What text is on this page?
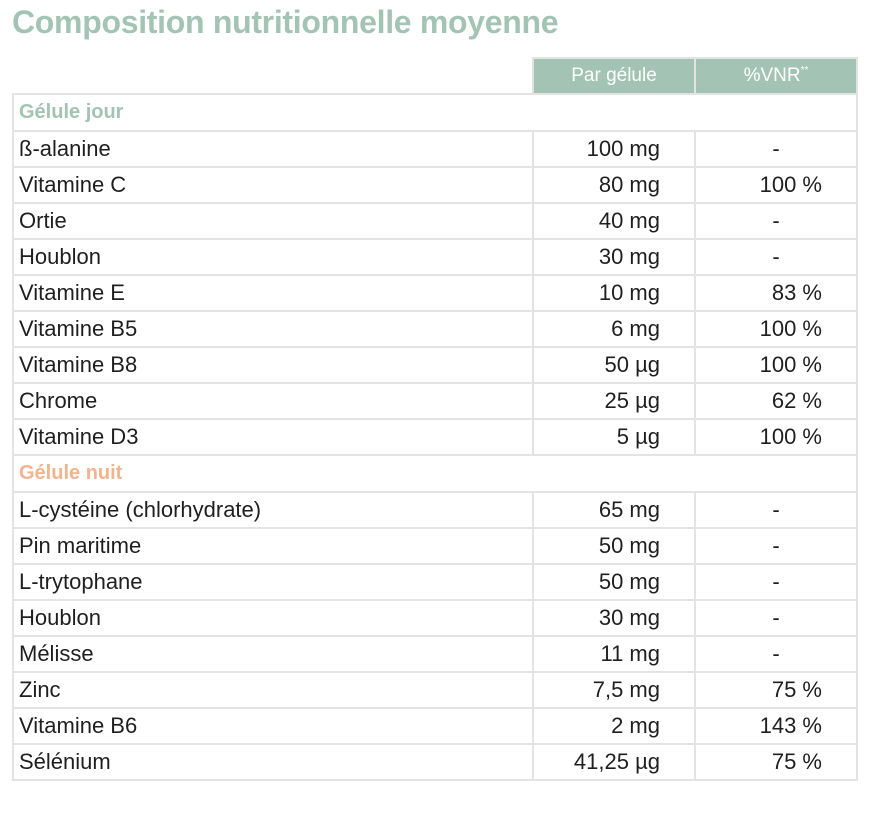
Composition nutritionnelle moyenne
	Par gélule	%VNR**
Gélule jour		
ß-alanine	100 mg	-
Vitamine C	80 mg	100 %
Ortie	40 mg	-
Houblon	30 mg	-
Vitamine E	10 mg	83 %
Vitamine B5	6 mg	100 %
Vitamine B8	50 µg	100 %
Chrome	25 µg	62 %
Vitamine D3	5 µg	100 %
Gélule nuit		
L-cystéine (chlorhydrate)	65 mg	-
Pin maritime	50 mg	-
L-trytophane	50 mg	-
Houblon	30 mg	-
Mélisse	11 mg	-
Zinc	7,5 mg	75 %
Vitamine B6	2 mg	143 %
Sélénium	41,25 µg	75 %
